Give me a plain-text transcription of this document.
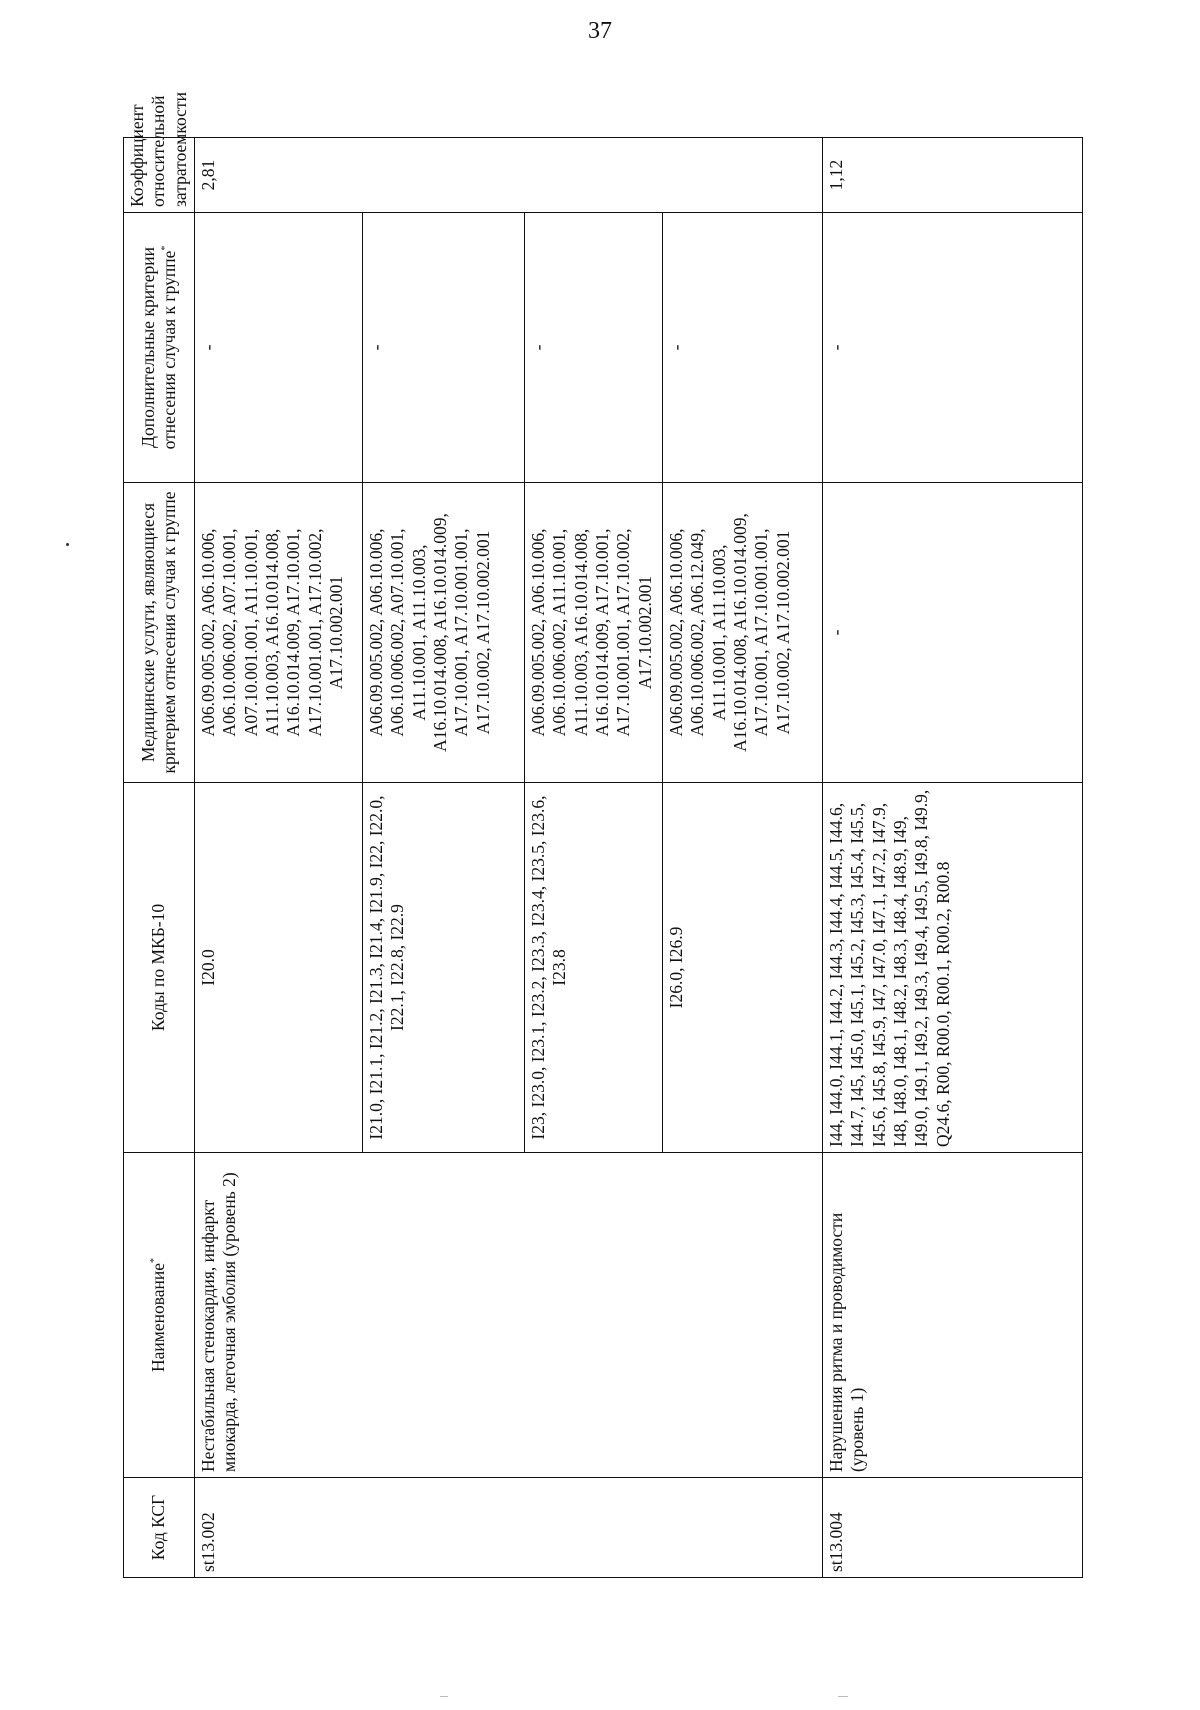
37
Код КСГ	Наименование*	Коды по МКБ-10	Медицинские услуги, являющиеся критерием отнесения случая к группе	Дополнительные критерии отнесения случая к группе*	Коэффициент относительной затратоемкости
st13.002	Нестабильная стенокардия, инфаркт миокарда, легочная эмболия (уровень 2)	I20.0	A06.09.005.002, A06.10.006, A06.10.006.002, A07.10.001, A07.10.001.001, A11.10.001, A11.10.003, A16.10.014.008, A16.10.014.009, A17.10.001, A17.10.001.001, A17.10.002, A17.10.002.001	-	2,81
		I21.0, I21.1, I21.2, I21.3, I21.4, I21.9, I22, I22.0, I22.1, I22.8, I22.9	A06.09.005.002, A06.10.006, A06.10.006.002, A07.10.001, A11.10.001, A11.10.003, A16.10.014.008, A16.10.014.009, A17.10.001, A17.10.001.001, A17.10.002, A17.10.002.001	-	
		I23, I23.0, I23.1, I23.2, I23.3, I23.4, I23.5, I23.6, I23.8	A06.09.005.002, A06.10.006, A06.10.006.002, A11.10.001, A11.10.003, A16.10.014.008, A16.10.014.009, A17.10.001, A17.10.001.001, A17.10.002, A17.10.002.001	-	
		I26.0, I26.9	A06.09.005.002, A06.10.006, A06.10.006.002, A06.12.049, A11.10.001, A11.10.003, A16.10.014.008, A16.10.014.009, A17.10.001, A17.10.001.001, A17.10.002, A17.10.002.001	-	
st13.004	Нарушения ритма и проводимости (уровень 1)	I44, I44.0, I44.1, I44.2, I44.3, I44.4, I44.5, I44.6, I44.7, I45, I45.0, I45.1, I45.2, I45.3, I45.4, I45.5, I45.6, I45.8, I45.9, I47, I47.0, I47.1, I47.2, I47.9, I48, I48.0, I48.1, I48.2, I48.3, I48.4, I48.9, I49, I49.0, I49.1, I49.2, I49.3, I49.4, I49.5, I49.8, I49.9, Q24.6, R00, R00.0, R00.1, R00.2, R00.8	-	-	1,12
